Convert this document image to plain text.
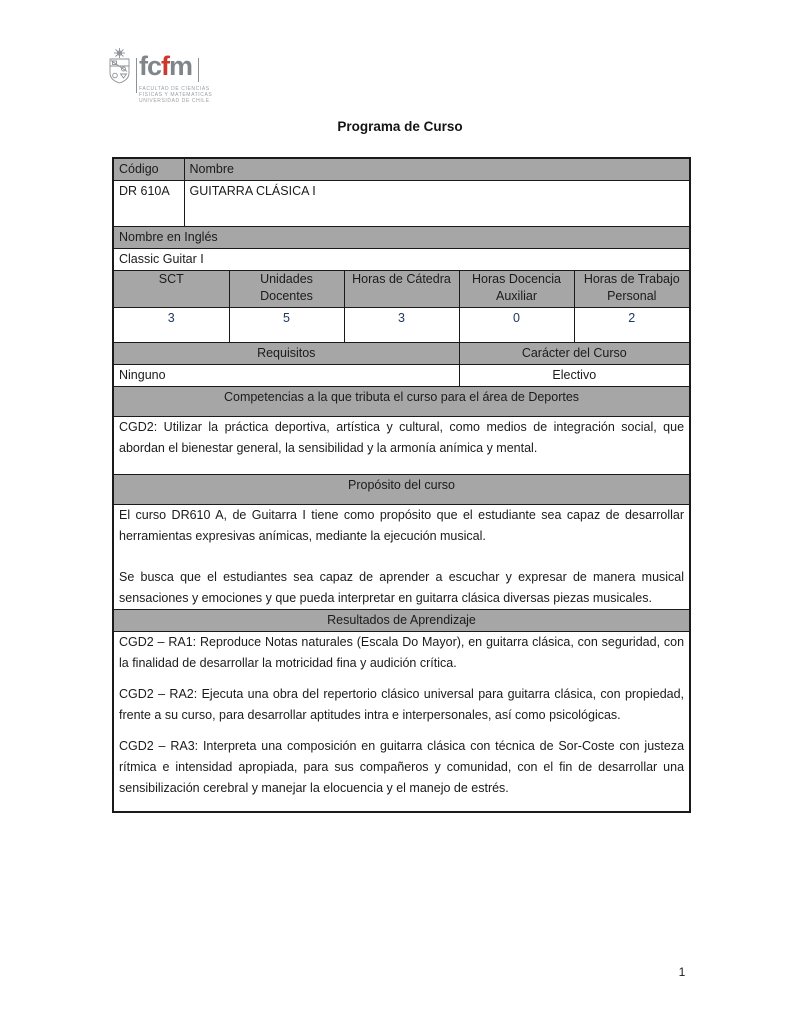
fcfm
FACULTAD DE CIENCIAS
FISICAS Y MATEMATICAS
UNIVERSIDAD DE CHILE
Programa de Curso
Código	Nombre				
DR 610A	GUITARRA CLÁSICA I				
Nombre en Inglés					
Classic Guitar I					
SCT		Unidades Docentes	Horas de Cátedra	Horas Docencia Auxiliar	Horas de Trabajo Personal
3		5	3	0	2
Requisitos				Carácter del Curso	
Ninguno				Electivo	
Competencias a la que tributa el curso para el área de Deportes					

CGD2: Utilizar la práctica deportiva, artística y cultural, como medios de integración social, que abordan el bienestar general, la sensibilidad y la armonía anímica y mental.					

Propósito del curso					

El curso DR610 A, de Guitarra I tiene como propósito que el estudiante sea capaz de desarrollar herramientas expresivas anímicas, mediante la ejecución musical.

Se busca que el estudiantes sea capaz de aprender a escuchar y expresar de manera musical sensaciones y emociones y que pueda interpretar en guitarra clásica diversas piezas musicales.					

Resultados de Aprendizaje					

CGD2 – RA1: Reproduce Notas naturales (Escala Do Mayor), en guitarra clásica, con seguridad, con la finalidad de desarrollar la motricidad fina y audición crítica.

CGD2 – RA2: Ejecuta una obra del repertorio clásico universal para guitarra clásica, con propiedad, frente a su curso, para desarrollar aptitudes intra e interpersonales, así como psicológicas.

CGD2 – RA3: Interpreta una composición en guitarra clásica con técnica de Sor-Coste con justeza rítmica e intensidad apropiada, para sus compañeros y comunidad, con el fin de desarrollar una sensibilización cerebral y manejar la elocuencia y el manejo de estrés.					

1
